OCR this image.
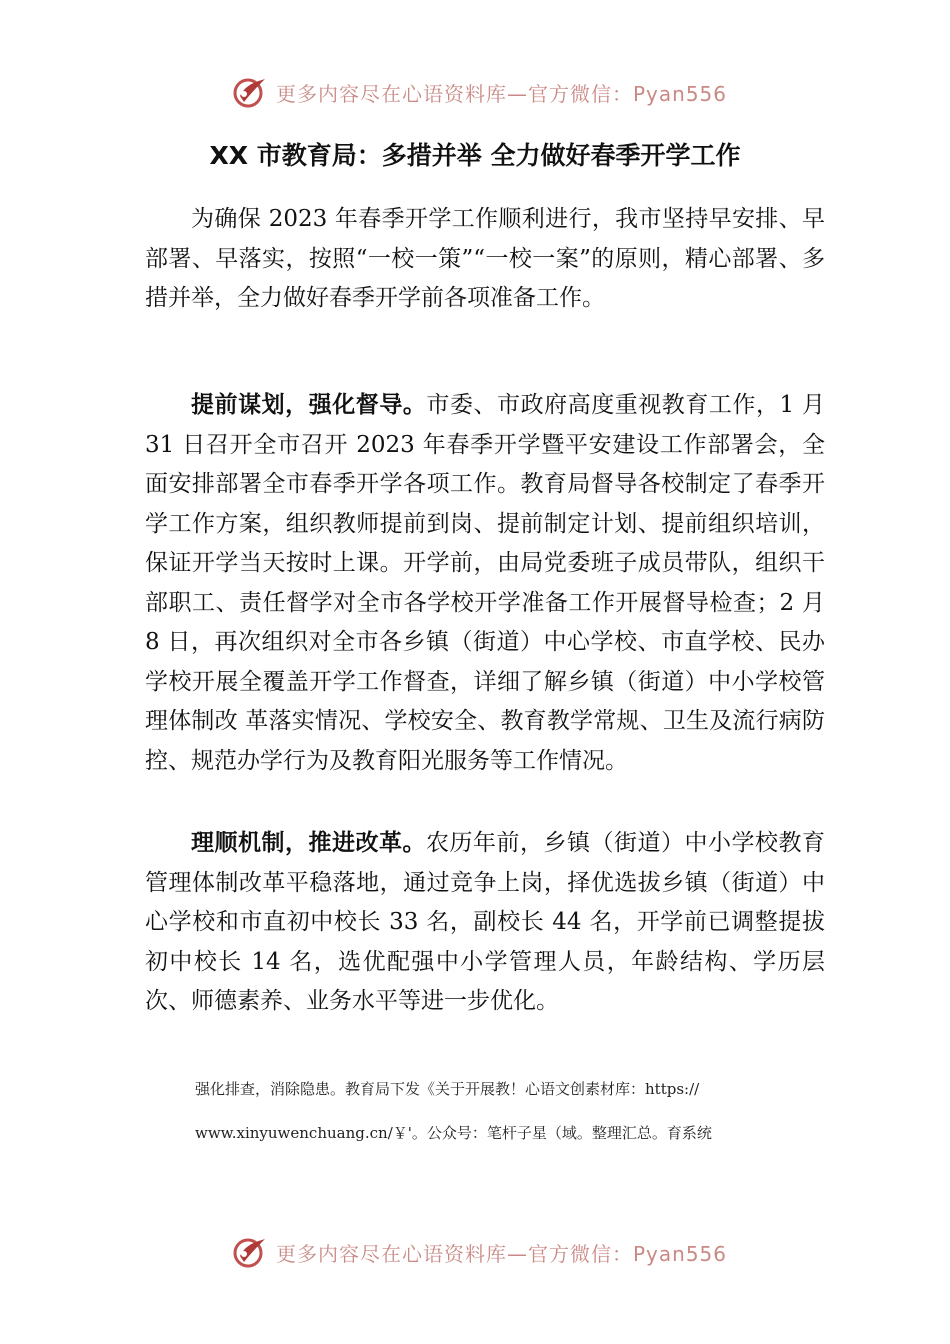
更多内容尽在心语资料库—官方微信：Pyan556
XX 市教育局：多措并举 全力做好春季开学工作

为确保 2023 年春季开学工作顺利进行，我市坚持早安排、早部署、早落实，按照“一校一策”“一校一案”的原则，精心部署、多措并举，全力做好春季开学前各项准备工作。

提前谋划，强化督导。市委、市政府高度重视教育工作，1 月 31 日召开全市召开 2023 年春季开学暨平安建设工作部署会，全面安排部署全市春季开学各项工作。教育局督导各校制定了春季开学工作方案，组织教师提前到岗、提前制定计划、提前组织培训，保证开学当天按时上课。开学前，由局党委班子成员带队，组织干部职工、责任督学对全市各学校开学准备工作开展督导检查；2 月 8 日，再次组织对全市各乡镇（街道）中心学校、市直学校、民办学校开展全覆盖开学工作督查，详细了解乡镇（街道）中小学校管理体制改 革落实情况、学校安全、教育教学常规、卫生及流行病防控、规范办学行为及教育阳光服务等工作情况。

理顺机制，推进改革。农历年前，乡镇（街道）中小学校教育管理体制改革平稳落地，通过竞争上岗，择优选拔乡镇（街道）中心学校和市直初中校长 33 名，副校长 44 名，开学前已调整提拔初中校长 14 名，选优配强中小学管理人员，年龄结构、学历层次、师德素养、业务水平等进一步优化。

强化排查，消除隐患。教育局下发《关于开展教！心语文创素材库：https://
www.xinyuwenchuang.cn/￥'。公众号：笔杆子星（域。整理汇总。育系统
更多内容尽在心语资料库—官方微信：Pyan556
